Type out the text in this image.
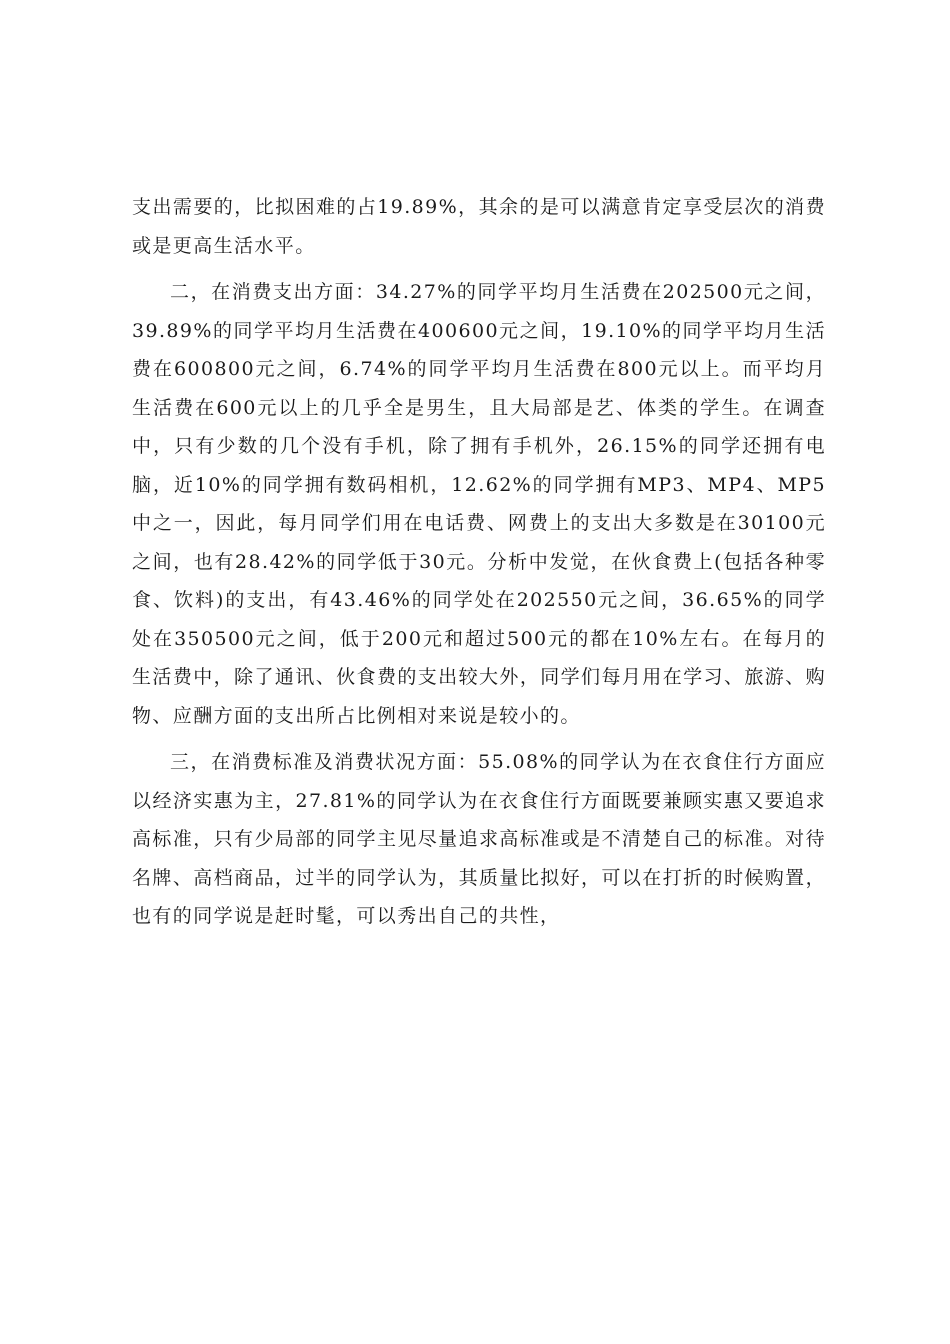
支出需要的，比拟困难的占19.89%，其余的是可以满意肯定享受层次的消费或是更高生活水平。

二，在消费支出方面：34.27%的同学平均月生活费在202500元之间，39.89%的同学平均月生活费在400600元之间，19.10%的同学平均月生活费在600800元之间，6.74%的同学平均月生活费在800元以上。而平均月生活费在600元以上的几乎全是男生，且大局部是艺、体类的学生。在调查中，只有少数的几个没有手机，除了拥有手机外，26.15%的同学还拥有电脑，近10%的同学拥有数码相机，12.62%的同学拥有MP3、MP4、MP5中之一，因此，每月同学们用在电话费、网费上的支出大多数是在30100元之间，也有28.42%的同学低于30元。分析中发觉，在伙食费上(包括各种零食、饮料)的支出，有43.46%的同学处在202550元之间，36.65%的同学处在350500元之间，低于200元和超过500元的都在10%左右。在每月的生活费中，除了通讯、伙食费的支出较大外，同学们每月用在学习、旅游、购物、应酬方面的支出所占比例相对来说是较小的。

三，在消费标准及消费状况方面：55.08%的同学认为在衣食住行方面应以经济实惠为主，27.81%的同学认为在衣食住行方面既要兼顾实惠又要追求高标准，只有少局部的同学主见尽量追求高标准或是不清楚自己的标准。对待名牌、高档商品，过半的同学认为，其质量比拟好，可以在打折的时候购置，也有的同学说是赶时髦，可以秀出自己的共性，
